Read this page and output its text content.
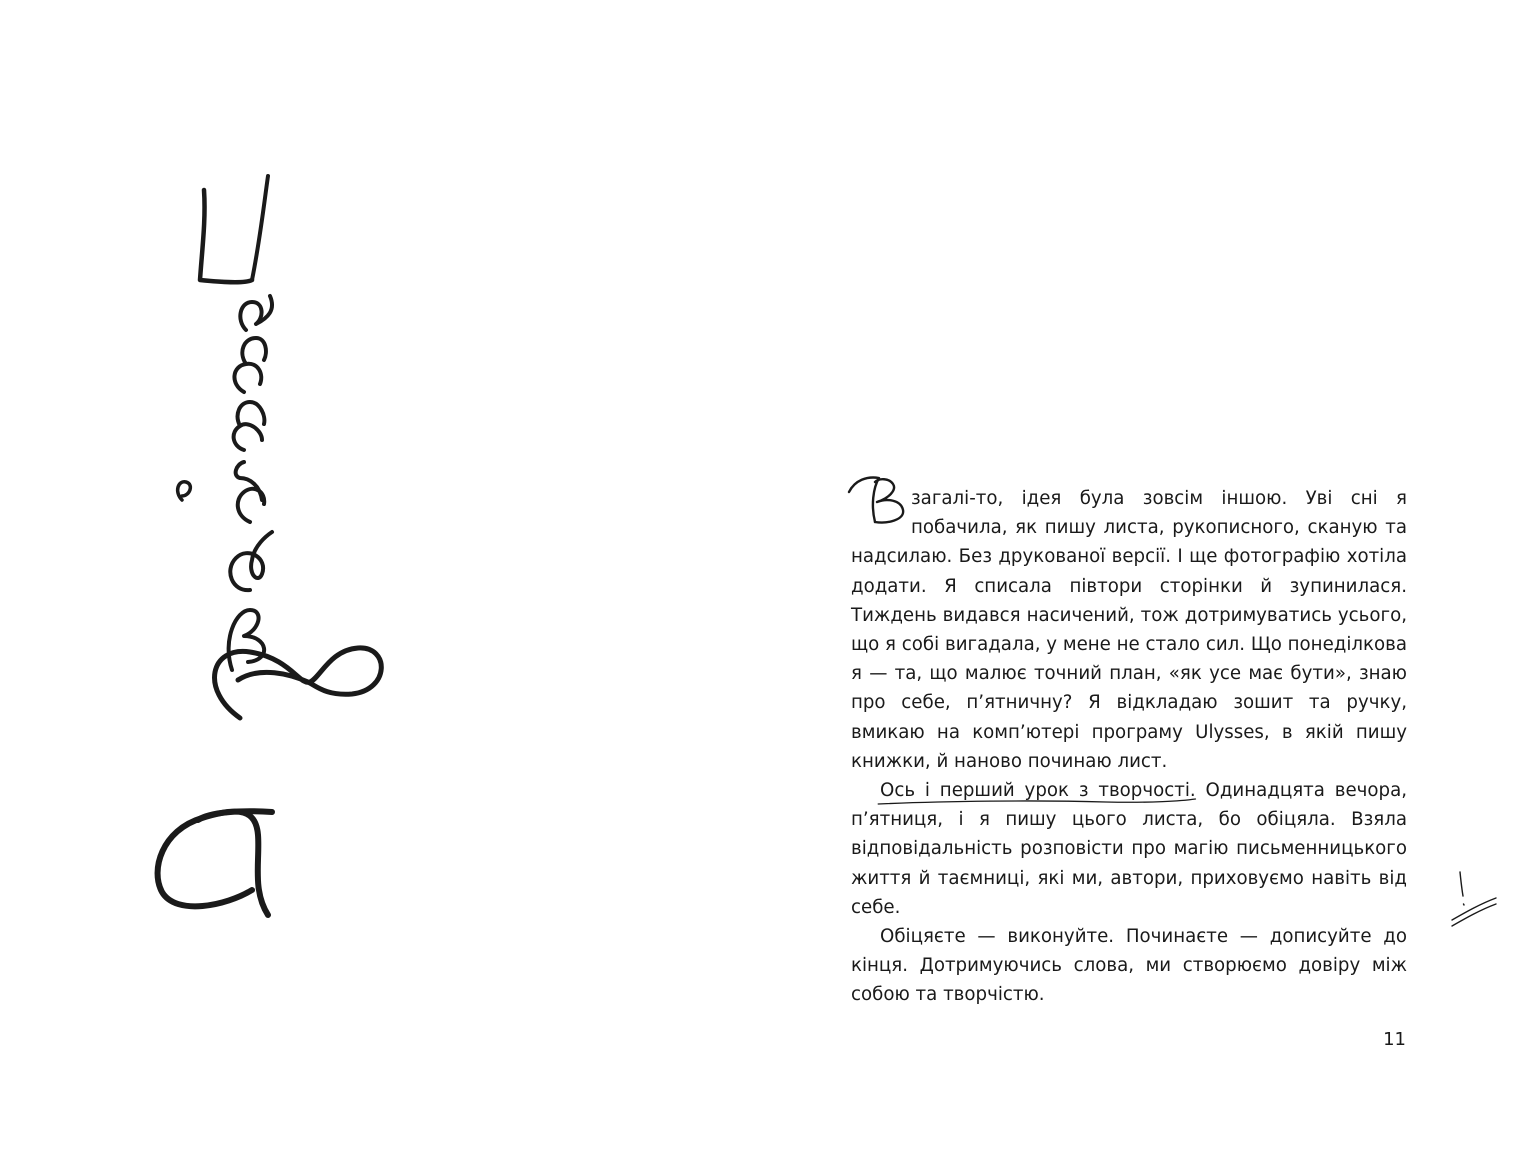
загалі-то, ідея була зовсім іншою. Уві сні я побачила, як пишу листа, рукописного, сканую та надсилаю. Без друкованої версії. І ще фотографію хотіла додати. Я списала півтори сторінки й зупинилася. Тиждень видався насичений, тож дотримуватись усього, що я собі вигадала, у мене не стало сил. Що понеділкова я — та, що малює точний план, «як усе має бути», знаю про себе, п’ятничну? Я відкладаю зошит та ручку, вмикаю на комп’ютері програму Ulysses, в якій пишу книжки, й наново починаю лист.

Ось і перший урок з творчості.
Одинадцята вечора, п’ятниця, і я пишу цього листа, бо обіцяла. Взяла відповідальність розповісти про магію письменницького життя й таємниці, які ми, автори, приховуємо навіть від себе.

Обіцяєте — виконуйте. Починаєте — дописуйте до кінця. Дотримуючись слова, ми створюємо довіру між собою та творчістю.

11
